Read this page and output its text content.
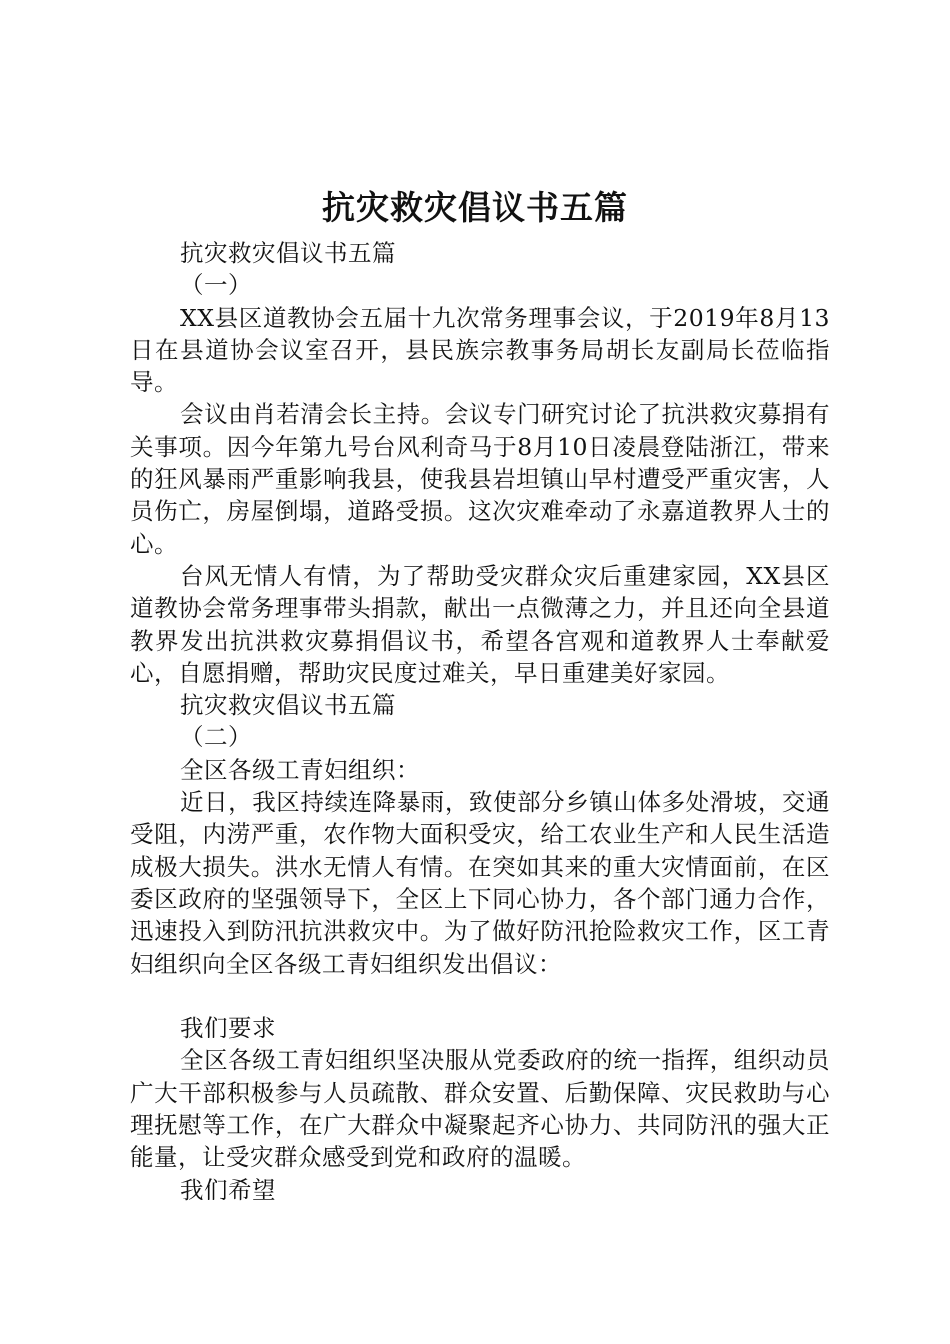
抗灾救灾倡议书五篇

抗灾救灾倡议书五篇

（一）

XX县区道教协会五届十九次常务理事会议，于2019年8月13日在县道协会议室召开，县民族宗教事务局胡长友副局长莅临指导。

会议由肖若清会长主持。会议专门研究讨论了抗洪救灾募捐有关事项。因今年第九号台风利奇马于8月10日凌晨登陆浙江，带来的狂风暴雨严重影响我县，使我县岩坦镇山早村遭受严重灾害，人员伤亡，房屋倒塌，道路受损。这次灾难牵动了永嘉道教界人士的心。

台风无情人有情，为了帮助受灾群众灾后重建家园，XX县区道教协会常务理事带头捐款，献出一点微薄之力，并且还向全县道教界发出抗洪救灾募捐倡议书，希望各宫观和道教界人士奉献爱心，自愿捐赠，帮助灾民度过难关，早日重建美好家园。

抗灾救灾倡议书五篇

（二）

全区各级工青妇组织：

近日，我区持续连降暴雨，致使部分乡镇山体多处滑坡，交通受阻，内涝严重，农作物大面积受灾，给工农业生产和人民生活造成极大损失。洪水无情人有情。在突如其来的重大灾情面前，在区委区政府的坚强领导下，全区上下同心协力，各个部门通力合作，迅速投入到防汛抗洪救灾中。为了做好防汛抢险救灾工作，区工青妇组织向全区各级工青妇组织发出倡议：

我们要求

全区各级工青妇组织坚决服从党委政府的统一指挥，组织动员广大干部积极参与人员疏散、群众安置、后勤保障、灾民救助与心理抚慰等工作，在广大群众中凝聚起齐心协力、共同防汛的强大正能量，让受灾群众感受到党和政府的温暖。

我们希望
